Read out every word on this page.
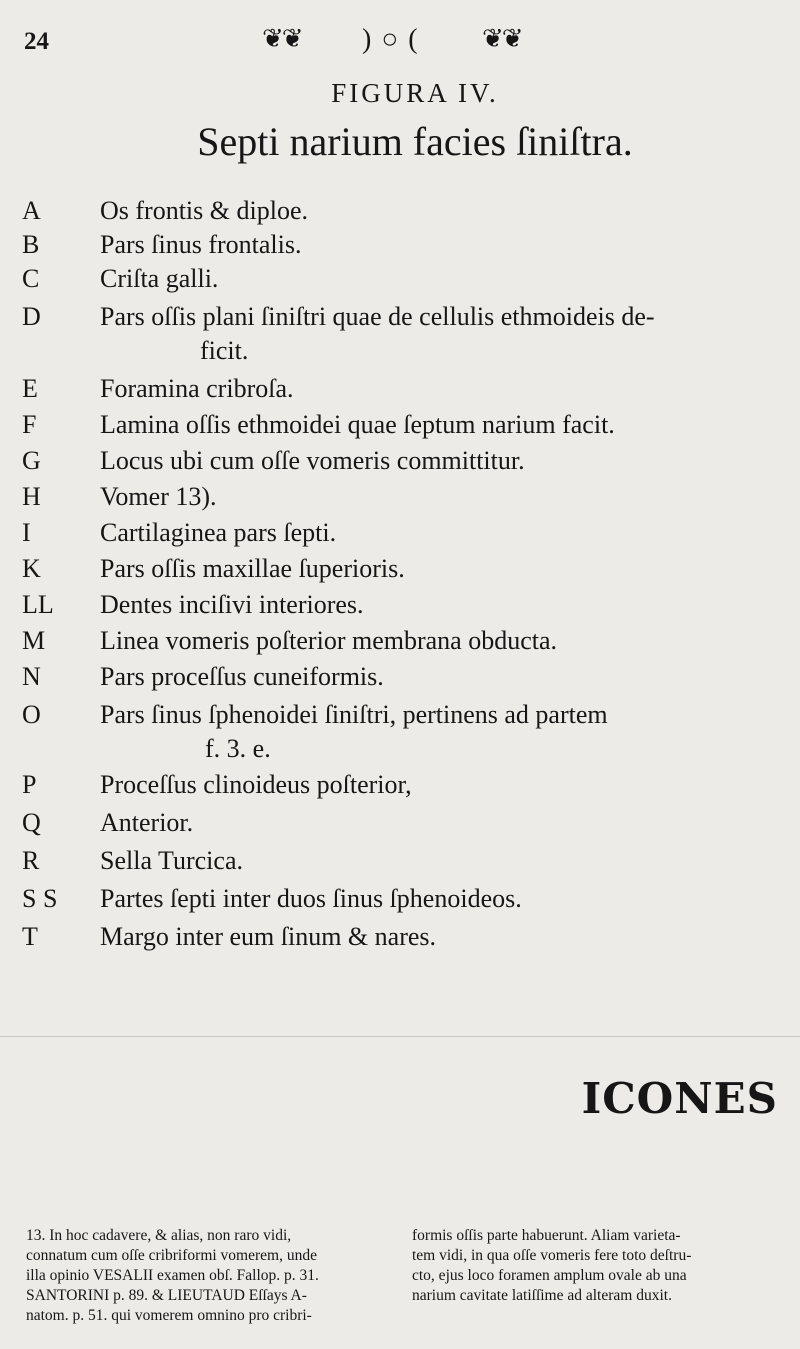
24	❦❦ )○( ❦❦
FIGURA IV.
Septi narium facies ſiniſtra.
A	Os frontis & diploe.
B	Pars ſinus frontalis.
C	Criſta galli.
D	Pars oſſis plani ſiniſtri quae de cellulis ethmoideis de-
ficit.
E	Foramina cribroſa.
F	Lamina oſſis ethmoidei quae ſeptum narium facit.
G	Locus ubi cum oſſe vomeris committitur.
H	Vomer 13).
I	Cartilaginea pars ſepti.
K	Pars oſſis maxillae ſuperioris.
LL	Dentes inciſivi interiores.
M	Linea vomeris poſterior membrana obducta.
N	Pars proceſſus cuneiformis.
O	Pars ſinus ſphenoidei ſiniſtri, pertinens ad partem
f. 3. e.
P	Proceſſus clinoideus poſterior,
Q	Anterior.
R	Sella Turcica.
S S	Partes ſepti inter duos ſinus ſphenoideos.
T	Margo inter eum ſinum & nares.
ICONES
13. In hoc cadavere, & alias, non raro vidi,
connatum cum oſſe cribriformi vomerem, unde
illa opinio VESALII examen obſ. Fallop. p. 31.
SANTORINI p. 89. & LIEUTAUD Eſſays A-
natom. p. 51. qui vomerem omnino pro cribri-
formis oſſis parte habuerunt. Aliam varieta-
tem vidi, in qua oſſe vomeris fere toto deſtru-
cto, ejus loco foramen amplum ovale ab una
narium cavitate latiſſime ad alteram duxit.
